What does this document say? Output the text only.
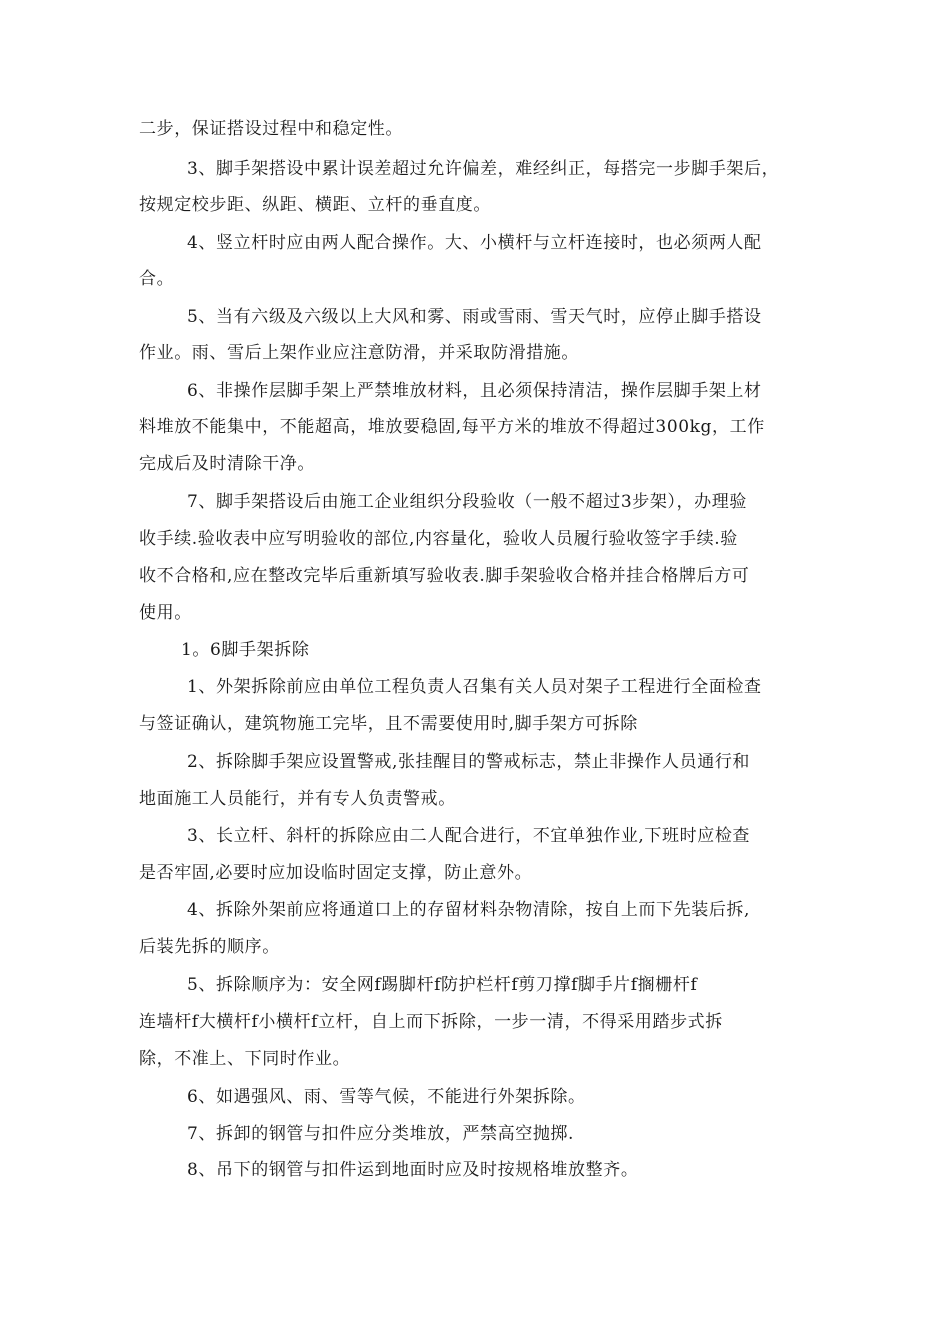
二步，保证搭设过程中和稳定性。

3、脚手架搭设中累计误差超过允许偏差，难经纠正，每搭完一步脚手架后，

按规定校步距、纵距、横距、立杆的垂直度。

4、竖立杆时应由两人配合操作。大、小横杆与立杆连接时，也必须两人配

合。

5、当有六级及六级以上大风和雾、雨或雪雨、雪天气时，应停止脚手搭设

作业。雨、雪后上架作业应注意防滑，并采取防滑措施。

6、非操作层脚手架上严禁堆放材料，且必须保持清洁，操作层脚手架上材

料堆放不能集中，不能超高，堆放要稳固,每平方米的堆放不得超过300kg，工作

完成后及时清除干净。

7、脚手架搭设后由施工企业组织分段验收（一般不超过3步架），办理验

收手续.验收表中应写明验收的部位,内容量化，验收人员履行验收签字手续.验

收不合格和,应在整改完毕后重新填写验收表.脚手架验收合格并挂合格牌后方可

使用。

1。6脚手架拆除

1、外架拆除前应由单位工程负责人召集有关人员对架子工程进行全面检查

与签证确认，建筑物施工完毕，且不需要使用时,脚手架方可拆除

2、拆除脚手架应设置警戒,张挂醒目的警戒标志，禁止非操作人员通行和

地面施工人员能行，并有专人负责警戒。

3、长立杆、斜杆的拆除应由二人配合进行，不宜单独作业,下班时应检查

是否牢固,必要时应加设临时固定支撑，防止意外。

4、拆除外架前应将通道口上的存留材料杂物清除，按自上而下先装后拆,

后装先拆的顺序。

5、拆除顺序为：安全网f踢脚杆f防护栏杆f剪刀撑f脚手片f搁栅杆f

连墙杆f大横杆f小横杆f立杆，自上而下拆除，一步一清，不得采用踏步式拆

除，不准上、下同时作业。

6、如遇强风、雨、雪等气候，不能进行外架拆除。

7、拆卸的钢管与扣件应分类堆放，严禁高空抛掷.

8、吊下的钢管与扣件运到地面时应及时按规格堆放整齐。
